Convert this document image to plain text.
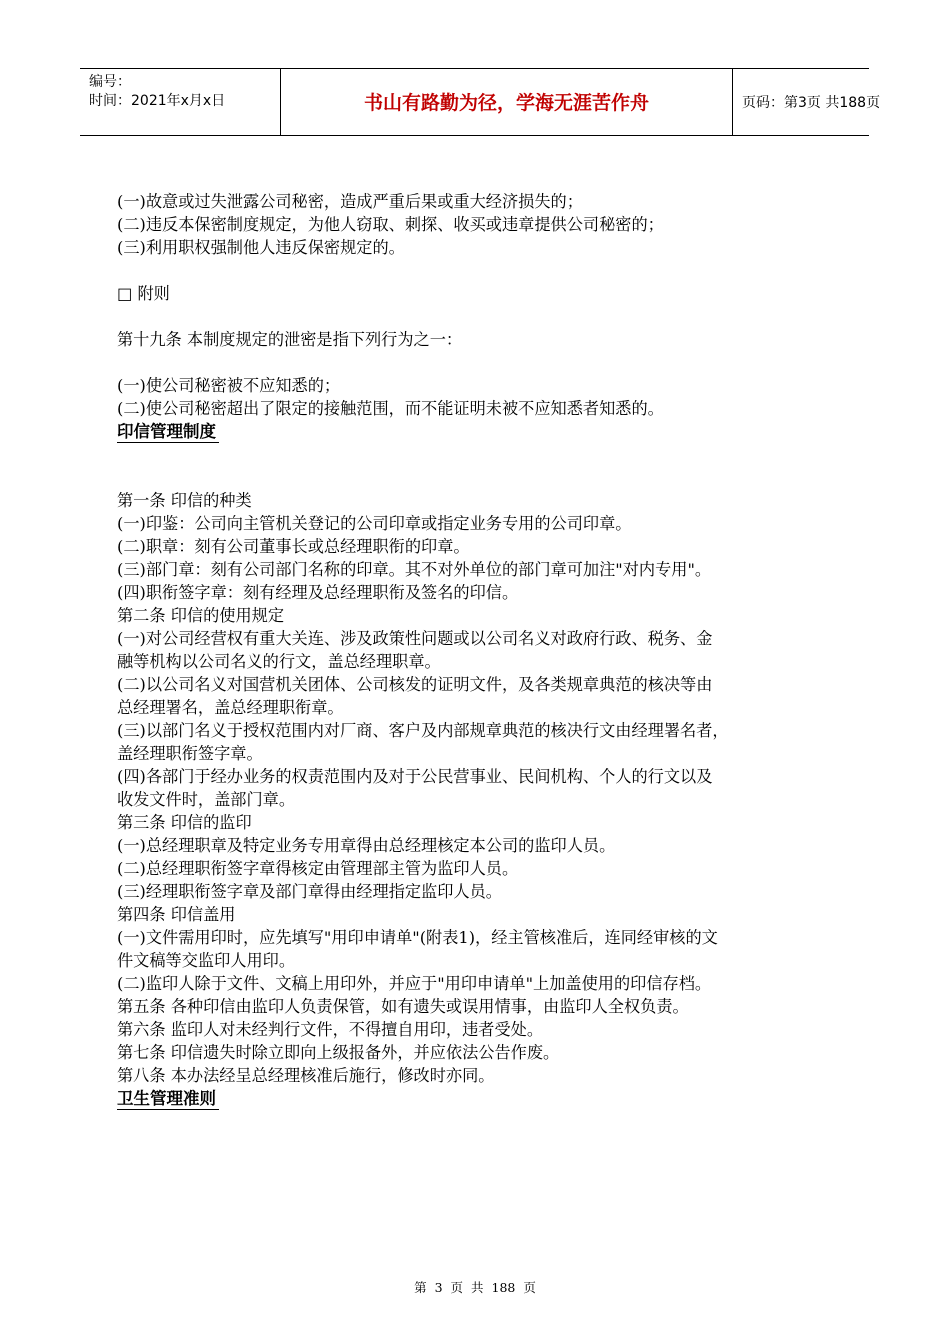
编号：
时间：2021年x月x日	书山有路勤为径，学海无涯苦作舟	页码：第3页 共188页

(一)故意或过失泄露公司秘密，造成严重后果或重大经济损失的；

(二)违反本保密制度规定，为他人窃取、刺探、收买或违章提供公司秘密的；

(三)利用职权强制他人违反保密规定的。

□ 附则

第十九条 本制度规定的泄密是指下列行为之一：

(一)使公司秘密被不应知悉的；

(二)使公司秘密超出了限定的接触范围，而不能证明未被不应知悉者知悉的。

印信管理制度

第一条 印信的种类

(一)印鉴：公司向主管机关登记的公司印章或指定业务专用的公司印章。

(二)职章：刻有公司董事长或总经理职衔的印章。

(三)部门章：刻有公司部门名称的印章。其不对外单位的部门章可加注"对内专用"。

(四)职衔签字章：刻有经理及总经理职衔及签名的印信。

第二条 印信的使用规定

(一)对公司经营权有重大关连、涉及政策性问题或以公司名义对政府行政、税务、金

融等机构以公司名义的行文，盖总经理职章。

(二)以公司名义对国营机关团体、公司核发的证明文件，及各类规章典范的核决等由

总经理署名，盖总经理职衔章。

(三)以部门名义于授权范围内对厂商、客户及内部规章典范的核决行文由经理署名者，

盖经理职衔签字章。

(四)各部门于经办业务的权责范围内及对于公民营事业、民间机构、个人的行文以及

收发文件时，盖部门章。

第三条 印信的监印

(一)总经理职章及特定业务专用章得由总经理核定本公司的监印人员。

(二)总经理职衔签字章得核定由管理部主管为监印人员。

(三)经理职衔签字章及部门章得由经理指定监印人员。

第四条 印信盖用

(一)文件需用印时，应先填写"用印申请单"(附表1)，经主管核准后，连同经审核的文

件文稿等交监印人用印。

(二)监印人除于文件、文稿上用印外，并应于"用印申请单"上加盖使用的印信存档。

第五条 各种印信由监印人负责保管，如有遗失或误用情事，由监印人全权负责。

第六条 监印人对未经判行文件，不得擅自用印，违者受处。

第七条 印信遗失时除立即向上级报备外，并应依法公告作废。

第八条 本办法经呈总经理核准后施行，修改时亦同。

卫生管理准则

第 3 页 共 188 页
